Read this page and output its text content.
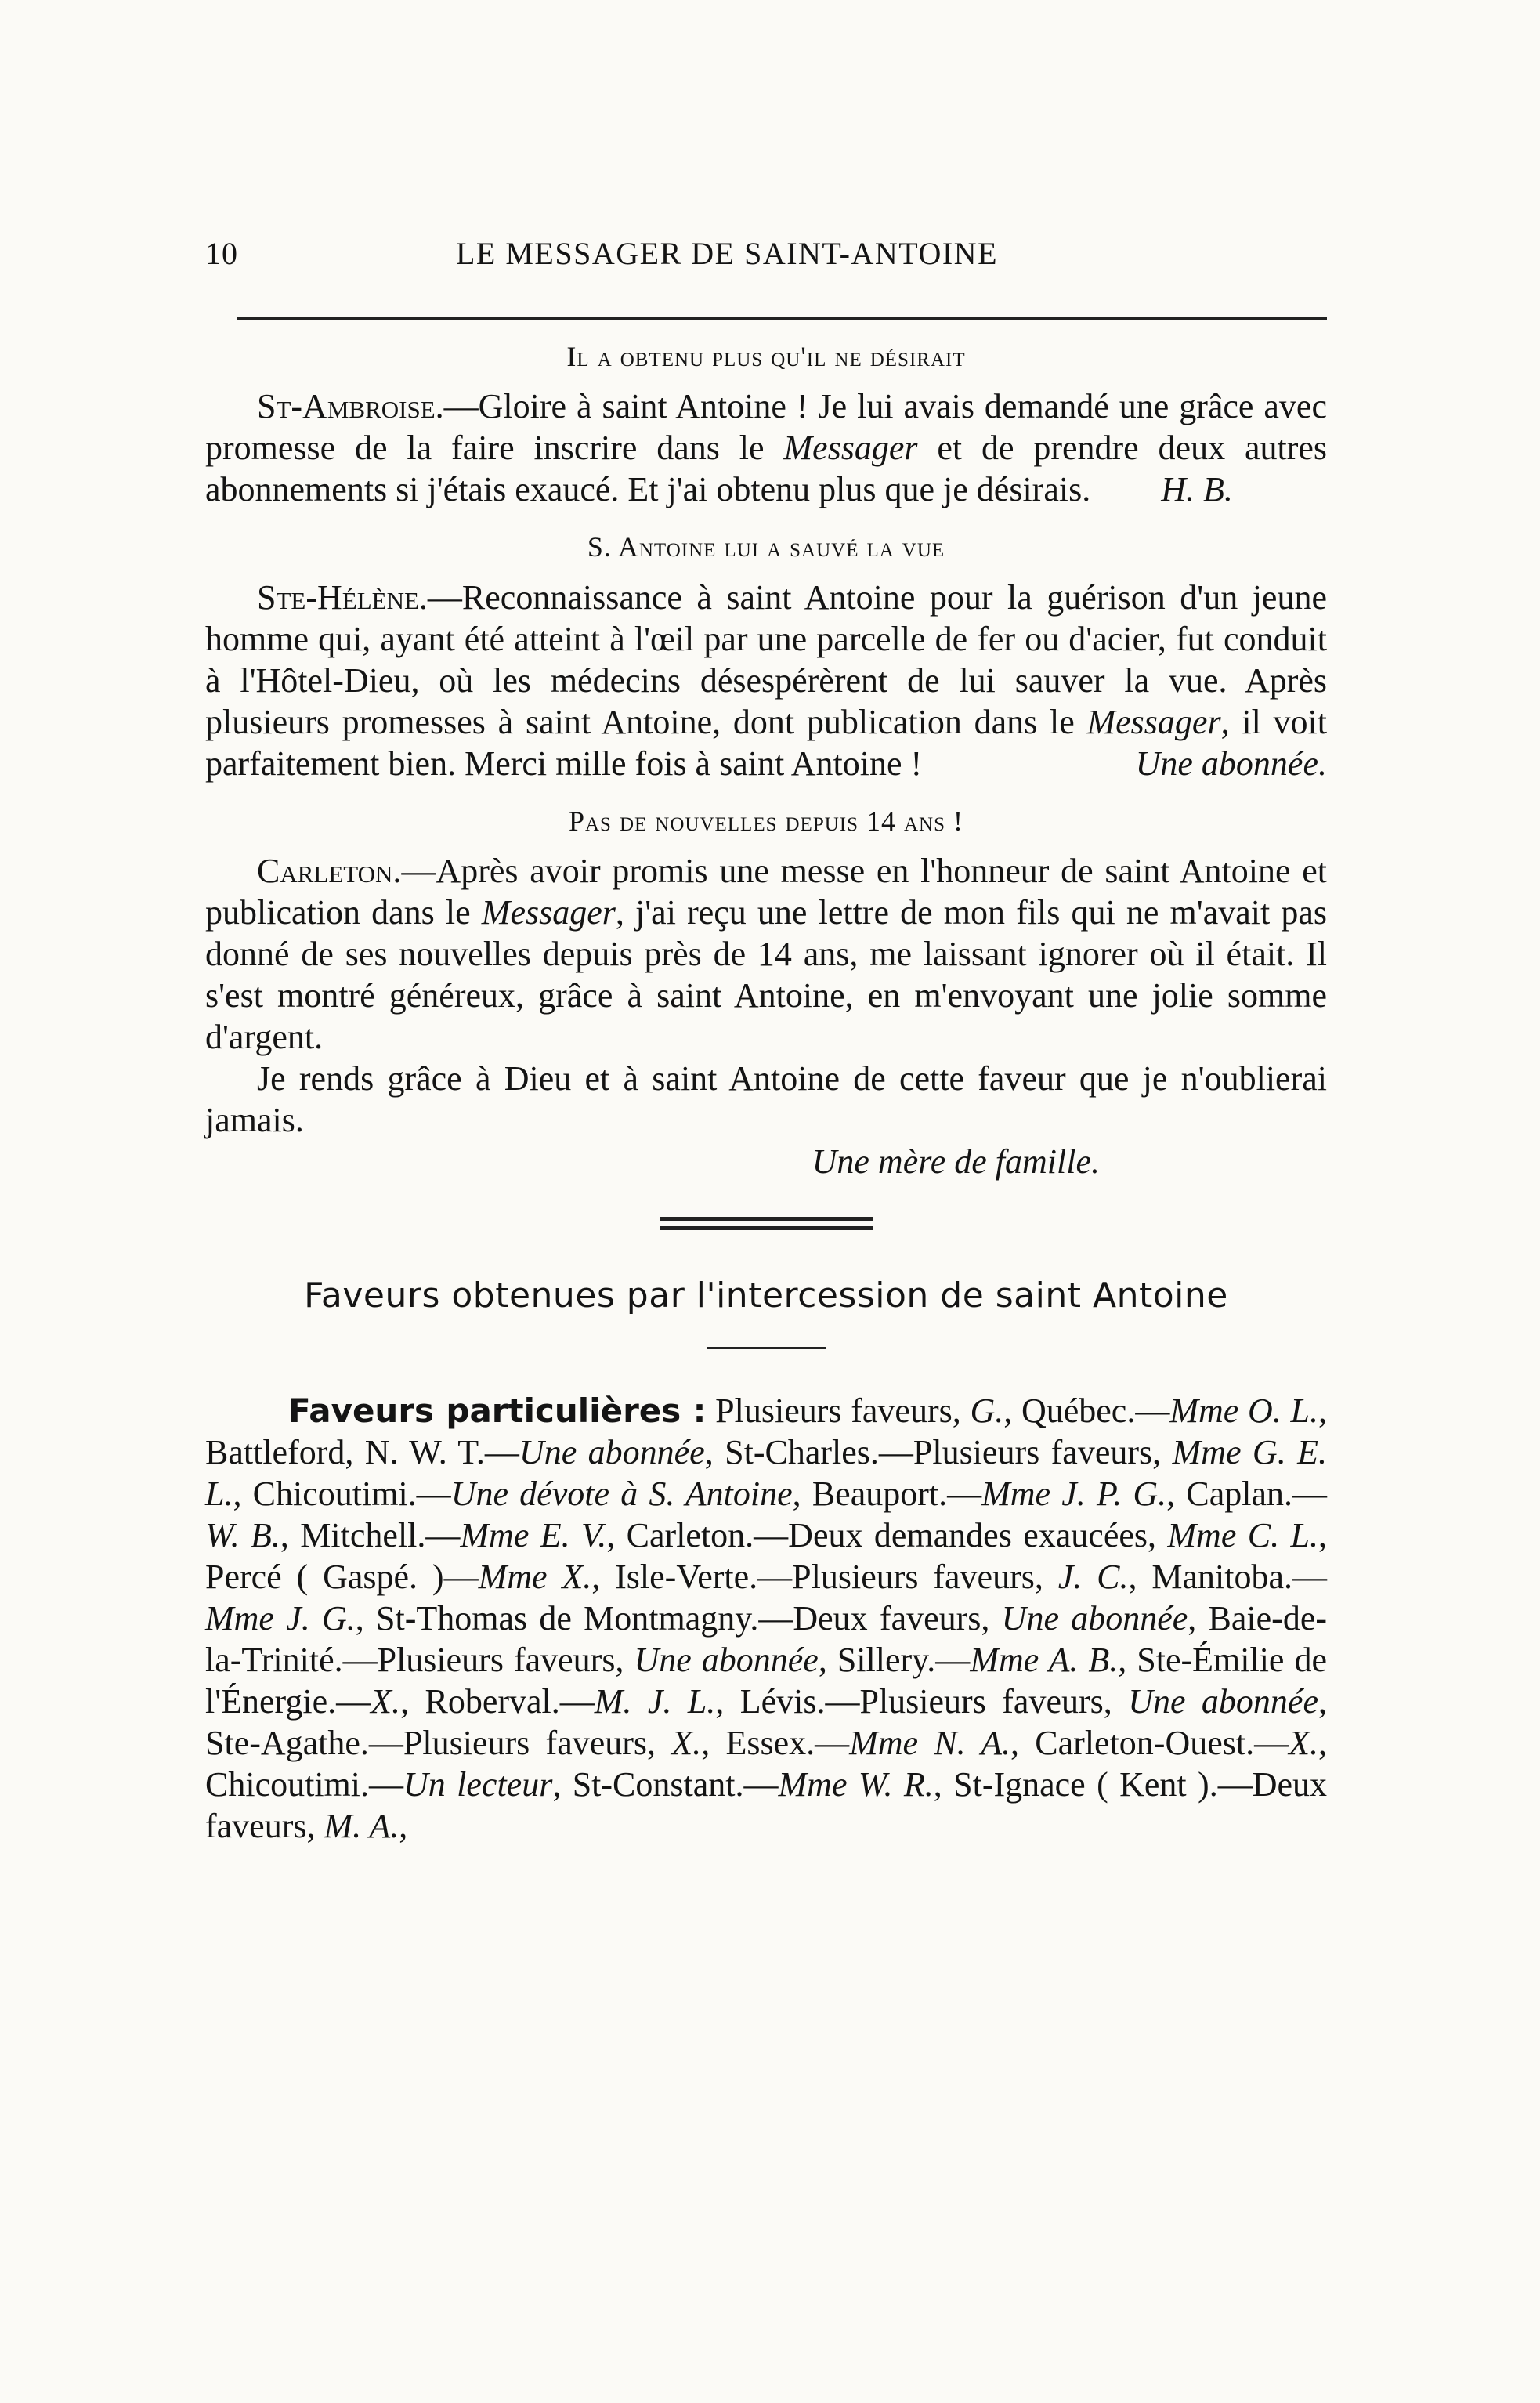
10	LE MESSAGER DE SAINT-ANTOINE
Il a obtenu plus qu'il ne désirait

St-Ambroise.—Gloire à saint Antoine ! Je lui avais demandé une grâce avec promesse de la faire inscrire dans le Messager et de prendre deux autres abonnements si j'étais exaucé. Et j'ai obtenu plus que je désirais. H. B.

S. Antoine lui a sauvé la vue

Ste-Hélène.—Reconnaissance à saint Antoine pour la guérison d'un jeune homme qui, ayant été atteint à l'œil par une parcelle de fer ou d'acier, fut conduit à l'Hôtel-Dieu, où les médecins désespérèrent de lui sauver la vue. Après plusieurs promesses à saint Antoine, dont publication dans le Messager, il voit parfaitement bien. Merci mille fois à saint Antoine !	Une abonnée.

Pas de nouvelles depuis 14 ans !

Carleton.—Après avoir promis une messe en l'honneur de saint Antoine et publication dans le Messager, j'ai reçu une lettre de mon fils qui ne m'avait pas donné de ses nouvelles depuis près de 14 ans, me laissant ignorer où il était. Il s'est montré généreux, grâce à saint Antoine, en m'envoyant une jolie somme d'argent.

Je rends grâce à Dieu et à saint Antoine de cette faveur que je n'oublierai jamais.

Une mère de famille.
Faveurs obtenues par l'intercession de saint Antoine

Faveurs particulières : Plusieurs faveurs, G., Québec.—Mme O. L., Battleford, N. W. T.—Une abonnée, St-Charles.—Plusieurs faveurs, Mme G. E. L., Chicoutimi.—Une dévote à S. Antoine, Beauport.—Mme J. P. G., Caplan.—W. B., Mitchell.—Mme E. V., Carleton.—Deux demandes exaucées, Mme C. L., Percé ( Gaspé. )—Mme X., Isle-Verte.—Plusieurs faveurs, J. C., Manitoba.—Mme J. G., St-Thomas de Montmagny.—Deux faveurs, Une abonnée, Baie-de-la-Trinité.—Plusieurs faveurs, Une abonnée, Sillery.—Mme A. B., Ste-Émilie de l'Énergie.—X., Roberval.—M. J. L., Lévis.—Plusieurs faveurs, Une abonnée, Ste-Agathe.—Plusieurs faveurs, X., Essex.—Mme N. A., Carleton-Ouest.—X., Chicoutimi.—Un lecteur, St-Constant.—Mme W. R., St-Ignace ( Kent ).—Deux faveurs, M. A.,
